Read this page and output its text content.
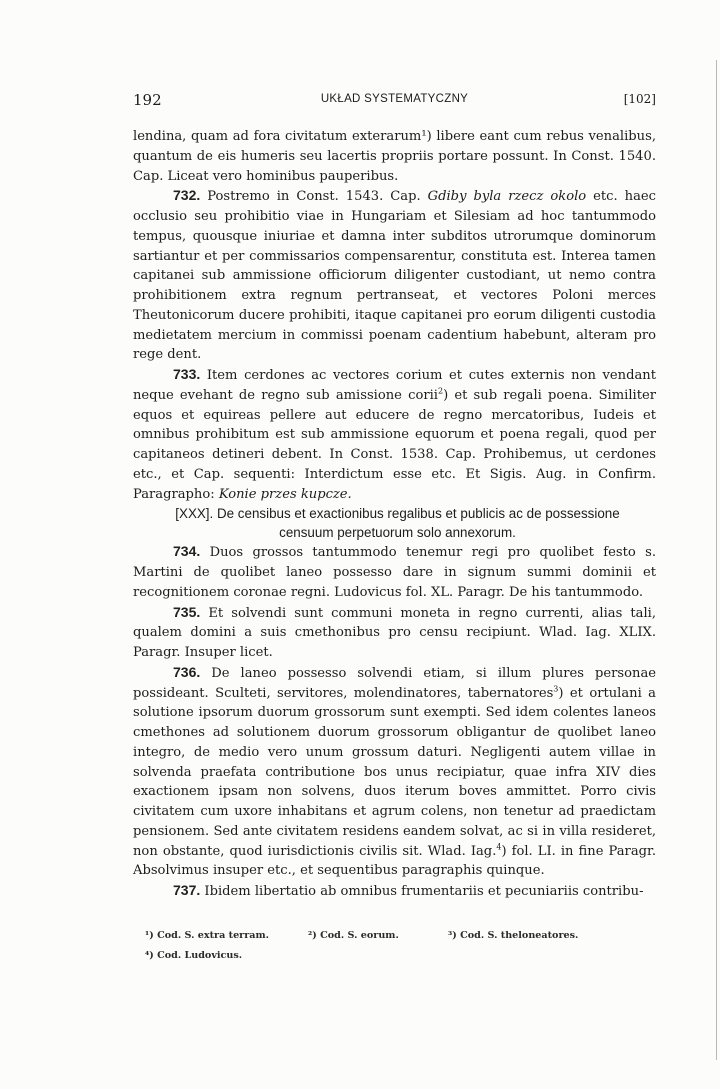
192	UKŁAD SYSTEMATYCZNY	[102]

lendina, quam ad fora civitatum exterarum¹) libere eant cum rebus venalibus, quantum de eis humeris seu lacertis propriis portare possunt. In Const. 1540. Cap. Liceat vero hominibus pauperibus.

732 . Postremo in Const. 1543. Cap. Gdiby byla rzecz okolo etc. haec occlusio seu prohibitio viae in Hungariam et Silesiam ad hoc tantummodo tempus, quousque iniuriae et damna inter subditos utrorumque dominorum sartiantur et per commissarios compensarentur, constituta est. Interea tamen capitanei sub ammissione officiorum diligenter custodiant, ut nemo contra prohibitionem extra regnum pertranseat, et vectores Poloni merces Theutonicorum ducere prohibiti, itaque capitanei pro eorum diligenti custodia medietatem mercium in commissi poenam cadentium habebunt, alteram pro rege dent.

733 . Item cerdones ac vectores corium et cutes externis non vendant neque evehant de regno sub amissione corii$^2$) et sub regali poena. Similiter equos et equireas pellere aut educere de regno mercatoribus, Iudeis et omnibus prohibitum est sub ammissione equorum et poena regali, quod per capitaneos detineri debent. In Const. 1538. Cap. Prohibemus, ut cerdones etc., et Cap. sequenti: Interdictum esse etc. Et Sigis. Aug. in Confirm. Paragrapho: Konie przes kupcze.

[XXX]. De censibus et exactionibus regalibus et publicis ac de possessione censuum perpetuorum solo annexorum.

734 . Duos grossos tantummodo tenemur regi pro quolibet festo s. Martini de quolibet laneo possesso dare in signum summi dominii et recognitionem coronae regni. Ludovicus fol. XL. Paragr. De his tantummodo.

735 . Et solvendi sunt communi moneta in regno currenti, alias tali, qualem domini a suis cmethonibus pro censu recipiunt. Wlad. Iag. XLIX. Paragr. Insuper licet.

736 . De laneo possesso solvendi etiam, si illum plures personae possideant. Sculteti, servitores, molendinatores, tabernatores$^3$) et ortulani a solutione ipsorum duorum grossorum sunt exempti. Sed idem colentes laneos cmethones ad solutionem duorum grossorum obligantur de quolibet laneo integro, de medio vero unum grossum daturi. Negligenti autem villae in solvenda praefata contributione bos unus recipiatur, quae infra XIV dies exactionem ipsam non solvens, duos iterum boves ammittet. Porro civis civitatem cum uxore inhabitans et agrum colens, non tenetur ad praedictam pensionem. Sed ante civitatem residens eandem solvat, ac si in villa resideret, non obstante, quod iurisdictionis civilis sit. Wlad. Iag.$^4$) fol. LI. in fine Paragr. Absolvimus insuper etc., et sequentibus paragraphis quinque.

737 . Ibidem libertatio ab omnibus frumentariis et pecuniariis contribu-

¹) Cod. S. extra terram.	²) Cod. S. eorum.	³) Cod. S. theloneatores.
⁴) Cod. Ludovicus.
